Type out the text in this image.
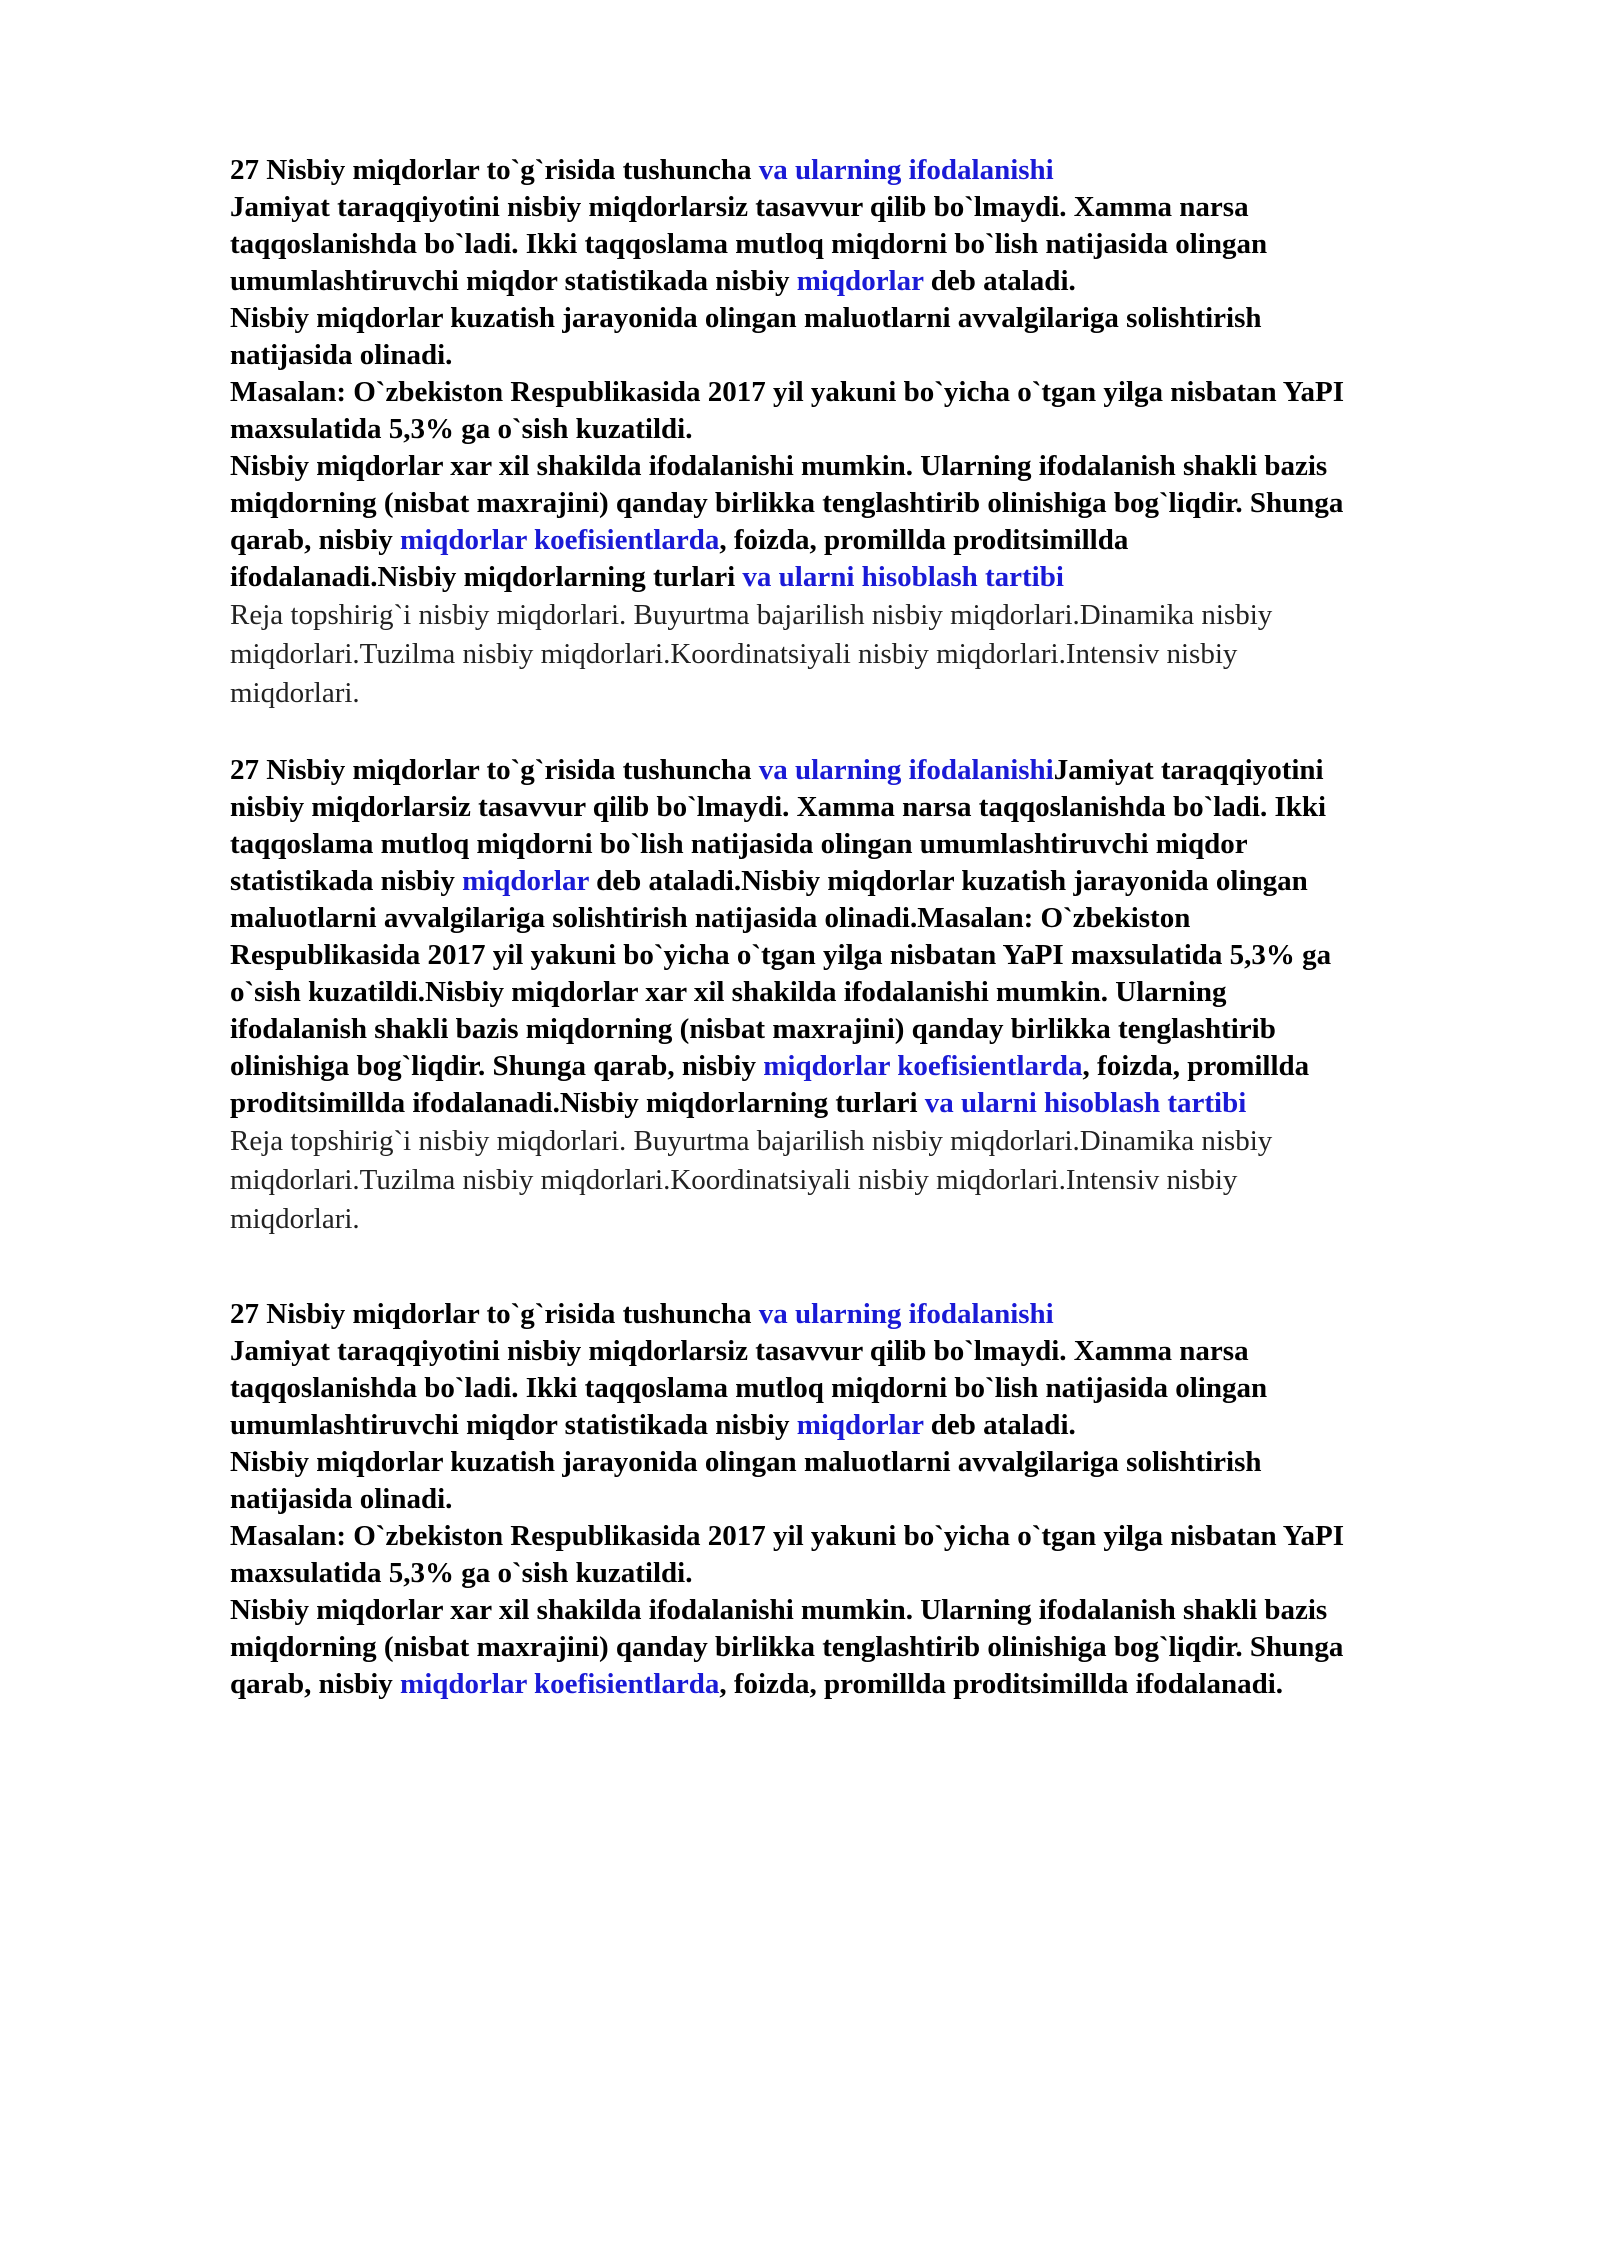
27 Nisbiy miqdorlar to`g`risida tushuncha va ularning ifodalanishi
Jamiyat taraqqiyotini nisbiy miqdorlarsiz tasavvur qilib bo`lmaydi. Xamma narsa
taqqoslanishda bo`ladi. Ikki taqqoslama mutloq miqdorni bo`lish natijasida olingan
umumlashtiruvchi miqdor statistikada nisbiy miqdorlar deb ataladi.
Nisbiy miqdorlar kuzatish jarayonida olingan maluotlarni avvalgilariga solishtirish
natijasida olinadi.
Masalan: O`zbekiston Respublikasida 2017 yil yakuni bo`yicha o`tgan yilga nisbatan YaPI
maxsulatida 5,3% ga o`sish kuzatildi.
Nisbiy miqdorlar xar xil shakilda ifodalanishi mumkin. Ularning ifodalanish shakli bazis
miqdorning (nisbat maxrajini) qanday birlikka tenglashtirib olinishiga bog`liqdir. Shunga
qarab, nisbiy miqdorlar koefisientlarda, foizda, promillda proditsimillda
ifodalanadi.Nisbiy miqdorlarning turlari va ularni hisoblash tartibi

Reja topshirig`i nisbiy miqdorlari. Buyurtma bajarilish nisbiy miqdorlari.Dinamika nisbiy
miqdorlari.Tuzilma nisbiy miqdorlari.Koordinatsiyali nisbiy miqdorlari.Intensiv nisbiy
miqdorlari.

27 Nisbiy miqdorlar to`g`risida tushuncha va ularning ifodalanishiJamiyat taraqqiyotini
nisbiy miqdorlarsiz tasavvur qilib bo`lmaydi. Xamma narsa taqqoslanishda bo`ladi. Ikki
taqqoslama mutloq miqdorni bo`lish natijasida olingan umumlashtiruvchi miqdor
statistikada nisbiy miqdorlar deb ataladi.Nisbiy miqdorlar kuzatish jarayonida olingan
maluotlarni avvalgilariga solishtirish natijasida olinadi.Masalan: O`zbekiston
Respublikasida 2017 yil yakuni bo`yicha o`tgan yilga nisbatan YaPI maxsulatida 5,3% ga
o`sish kuzatildi.Nisbiy miqdorlar xar xil shakilda ifodalanishi mumkin. Ularning
ifodalanish shakli bazis miqdorning (nisbat maxrajini) qanday birlikka tenglashtirib
olinishiga bog`liqdir. Shunga qarab, nisbiy miqdorlar koefisientlarda, foizda, promillda
proditsimillda ifodalanadi.Nisbiy miqdorlarning turlari va ularni hisoblash tartibi

Reja topshirig`i nisbiy miqdorlari. Buyurtma bajarilish nisbiy miqdorlari.Dinamika nisbiy
miqdorlari.Tuzilma nisbiy miqdorlari.Koordinatsiyali nisbiy miqdorlari.Intensiv nisbiy
miqdorlari.

27 Nisbiy miqdorlar to`g`risida tushuncha va ularning ifodalanishi
Jamiyat taraqqiyotini nisbiy miqdorlarsiz tasavvur qilib bo`lmaydi. Xamma narsa
taqqoslanishda bo`ladi. Ikki taqqoslama mutloq miqdorni bo`lish natijasida olingan
umumlashtiruvchi miqdor statistikada nisbiy miqdorlar deb ataladi.
Nisbiy miqdorlar kuzatish jarayonida olingan maluotlarni avvalgilariga solishtirish
natijasida olinadi.
Masalan: O`zbekiston Respublikasida 2017 yil yakuni bo`yicha o`tgan yilga nisbatan YaPI
maxsulatida 5,3% ga o`sish kuzatildi.
Nisbiy miqdorlar xar xil shakilda ifodalanishi mumkin. Ularning ifodalanish shakli bazis
miqdorning (nisbat maxrajini) qanday birlikka tenglashtirib olinishiga bog`liqdir. Shunga
qarab, nisbiy miqdorlar koefisientlarda, foizda, promillda proditsimillda ifodalanadi.
